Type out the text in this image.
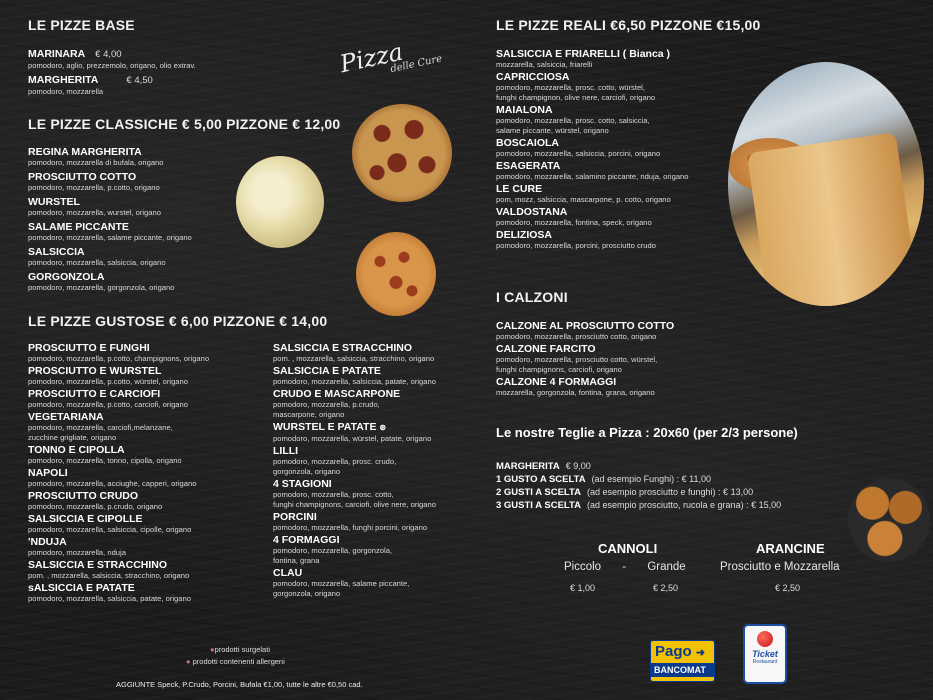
LE PIZZE BASE
MARINARA € 4,00
pomodoro, aglio, prezzemolo, origano, olio extrav.
MARGHERITA	€ 4,50
pomodoro, mozzarella
Pizza
delle Cure
LE PIZZE CLASSICHE € 5,00 PIZZONE € 12,00
REGINA MARGHERITA
pomodoro, mozzarella di bufala, origano
PROSCIUTTO COTTO
pomodoro, mozzarella, p.cotto, origano
WURSTEL
pomodoro, mozzarella, wurstel, origano
SALAME PICCANTE
pomodoro, mozzarella, salame piccante, origano
SALSICCIA
pomodoro, mozzarella, salsiccia, origano
GORGONZOLA
pomodoro, mozzarella, gorgonzola, origano
LE PIZZE GUSTOSE € 6,00 PIZZONE € 14,00
PROSCIUTTO E FUNGHI
pomodoro, mozzarella, p.cotto, champignons, origano
PROSCIUTTO E WURSTEL
pomodoro, mozzarella, p.cotto, würstel, origano
PROSCIUTTO E CARCIOFI
pomodoro, mozzarella, p.cotto, carciofi, origano
VEGETARIANA
pomodoro, mozzarella, carciofi,melanzane,
zucchine grigliate, origano
TONNO E CIPOLLA
pomodoro, mozzarella, tonno, cipolla, origano
NAPOLI
pomodoro, mozzarella, acciughe, capperi, origano
PROSCIUTTO CRUDO
pomodoro, mozzarella, p.crudo, origano
SALSICCIA E CIPOLLE
pomodoro, mozzarella, salsiccia, cipolle, origano
'NDUJA
pomodoro, mozzarella, nduja
SALSICCIA E STRACCHINO
pom. , mozzarella, salsiccia, stracchino, origano
sALSICCIA E PATATE
pomodoro, mozzarella, salsiccia, patate, origano
SALSICCIA E STRACCHINO
pom. , mozzarella, salsiccia, stracchino, origano
SALSICCIA E PATATE
pomodoro, mozzarella, salsiccia, patate, origano
CRUDO E MASCARPONE
pomodoro, mozzarella, p.crudo,
mascarpone, origano
WURSTEL E PATATE ⊛
pomodoro, mozzarella, würstel, patate, origano
LILLI
pomodoro, mozzarella, prosc. crudo,
gorgonzola, origano
4 STAGIONI
pomodoro, mozzarella, prosc. cotto,
funghi champignons, carciofi, olive nere, origano
PORCINI
pomodoro, mozzarella, funghi porcini, origano
4 FORMAGGI
pomodoro, mozzarella, gorgonzola,
fontina, grana
CLAU
pomodoro, mozzarella, salame piccante,
gorgonzola, origano
●prodotti surgelati
● prodotti contenenti allergeni
AGGIUNTE Speck, P.Crudo, Porcini, Bufala €1,00, tutte le altre €0,50 cad.
LE PIZZE REALI €6,50 PIZZONE €15,00
SALSICCIA E FRIARELLI ( Bianca )
mozzarella, salsiccia, friarelli
CAPRICCIOSA
pomodoro, mozzarella, prosc. cotto, würstel,
funghi champignon, olive nere, carciofi, origano
MAIALONA
pomodoro, mozzarella, prosc. cotto, salsiccia,
salame piccante, würstel, origano
BOSCAIOLA
pomodoro, mozzarella, salsiccia, porcini, origano
ESAGERATA
pomodoro, mozzarella, salamino piccante, nduja, origano
LE CURE
pom, mozz, salsiccia, mascarpone, p. cotto, origano
VALDOSTANA
pomodoro, mozzarella, fontina, speck, origano
DELIZIOSA
pomodoro, mozzarella, porcini, prosciutto crudo
I CALZONI
CALZONE AL PROSCIUTTO COTTO
pomodoro, mozzarella, prosciutto cotto, origano
CALZONE FARCITO
pomodoro, mozzarella, prosciutto cotto, würstel,
funghi champignons, carciofi, origano
CALZONE 4 FORMAGGI
mozzarella, gorgonzola, fontina, grana, origano
Le nostre Teglie a Pizza : 20x60 (per 2/3 persone)
MARGHERITA € 9,00
1 GUSTO A SCELTA (ad esempio Funghi) : € 11,00
2 GUSTI A SCELTA (ad esempio prosciutto e funghi) : € 13,00
3 GUSTI A SCELTA (ad esempio prosciutto, rucola e grana) : € 15,00
CANNOLI
Piccolo - Grande
€ 1,00	€ 2,50
ARANCINE
Prosciutto e Mozzarella
€ 2,50
Pago ➜
BANCOMAT
Ticket
Restaurant
